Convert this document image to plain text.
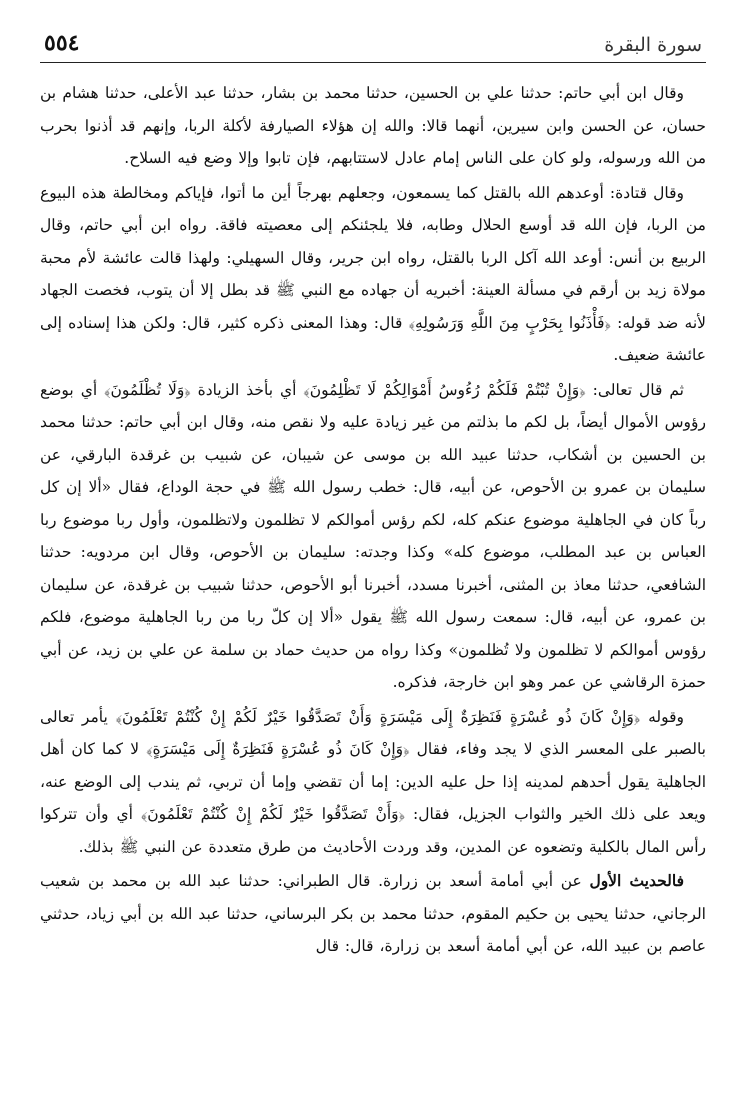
سورة البقرة
٥٥٤

وقال ابن أبي حاتم: حدثنا علي بن الحسين، حدثنا محمد بن بشار، حدثنا عبد الأعلى، حدثنا هشام بن حسان، عن الحسن وابن سيرين، أنهما قالا: والله إن هؤلاء الصيارفة لأكلة الربا، وإنهم قد أذنوا بحرب من الله ورسوله، ولو كان على الناس إمام عادل لاستتابهم، فإن تابوا وإلا وضع فيه السلاح.

وقال قتادة: أوعدهم الله بالقتل كما يسمعون، وجعلهم بهرجاً أين ما أتوا، فإياكم ومخالطة هذه البيوع من الربا، فإن الله قد أوسع الحلال وطابه، فلا يلجئنكم إلى معصيته فاقة. رواه ابن أبي حاتم، وقال الربيع بن أنس: أوعد الله آكل الربا بالقتل، رواه ابن جرير، وقال السهيلي: ولهذا قالت عائشة لأم محبة مولاة زيد بن أرقم في مسألة العينة: أخبريه أن جهاده مع النبي ﷺ قد بطل إلا أن يتوب، فخصت الجهاد لأنه ضد قوله: ﴿فَأْذَنُوا بِحَرْبٍ مِنَ اللَّهِ وَرَسُولِهِ﴾ قال: وهذا المعنى ذكره كثير، قال: ولكن هذا إسناده إلى عائشة ضعيف.

ثم قال تعالى: ﴿وَإِنْ تُبْتُمْ فَلَكُمْ رُءُوسُ أَمْوَالِكُمْ لَا تَظْلِمُونَ﴾ أي بأخذ الزيادة ﴿وَلَا تُظْلَمُونَ﴾ أي بوضع رؤوس الأموال أيضاً، بل لكم ما بذلتم من غير زيادة عليه ولا نقص منه، وقال ابن أبي حاتم: حدثنا محمد بن الحسين بن أشكاب، حدثنا عبيد الله بن موسى عن شيبان، عن شبيب بن غرقدة البارقي، عن سليمان بن عمرو بن الأحوص، عن أبيه، قال: خطب رسول الله ﷺ في حجة الوداع، فقال «ألا إن كل رباً كان في الجاهلية موضوع عنكم كله، لكم رؤس أموالكم لا تظلمون ولاتظلمون، وأول ربا موضوع ربا العباس بن عبد المطلب، موضوع كله» وكذا وجدته: سليمان بن الأحوص، وقال ابن مردويه: حدثنا الشافعي، حدثنا معاذ بن المثنى، أخبرنا مسدد، أخبرنا أبو الأحوص، حدثنا شبيب بن غرقدة، عن سليمان بن عمرو، عن أبيه، قال: سمعت رسول الله ﷺ يقول «ألا إن كلّ ربا من ربا الجاهلية موضوع، فلكم رؤوس أموالكم لا تظلمون ولا تُظلمون» وكذا رواه من حديث حماد بن سلمة عن علي بن زيد، عن أبي حمزة الرقاشي عن عمر وهو ابن خارجة، فذكره.

وقوله ﴿وَإِنْ كَانَ ذُو عُسْرَةٍ فَنَظِرَةٌ إِلَى مَيْسَرَةٍ وَأَنْ تَصَدَّقُوا خَيْرٌ لَكُمْ إِنْ كُنْتُمْ تَعْلَمُونَ﴾ يأمر تعالى بالصبر على المعسر الذي لا يجد وفاء، فقال ﴿وَإِنْ كَانَ ذُو عُسْرَةٍ فَنَظِرَةٌ إِلَى مَيْسَرَةٍ﴾ لا كما كان أهل الجاهلية يقول أحدهم لمدينه إذا حل عليه الدين: إما أن تقضي وإما أن تربي، ثم يندب إلى الوضع عنه، ويعد على ذلك الخير والثواب الجزيل، فقال: ﴿وَأَنْ تَصَدَّقُوا خَيْرٌ لَكُمْ إِنْ كُنْتُمْ تَعْلَمُونَ﴾ أي وأن تتركوا رأس المال بالكلية وتضعوه عن المدين، وقد وردت الأحاديث من طرق متعددة عن النبي ﷺ بذلك.

فالحديث الأول عن أبي أمامة أسعد بن زرارة. قال الطبراني: حدثنا عبد الله بن محمد بن شعيب الرجاني، حدثنا يحيى بن حكيم المقوم، حدثنا محمد بن بكر البرساني، حدثنا عبد الله بن أبي زياد، حدثني عاصم بن عبيد الله، عن أبي أمامة أسعد بن زرارة، قال: قال
